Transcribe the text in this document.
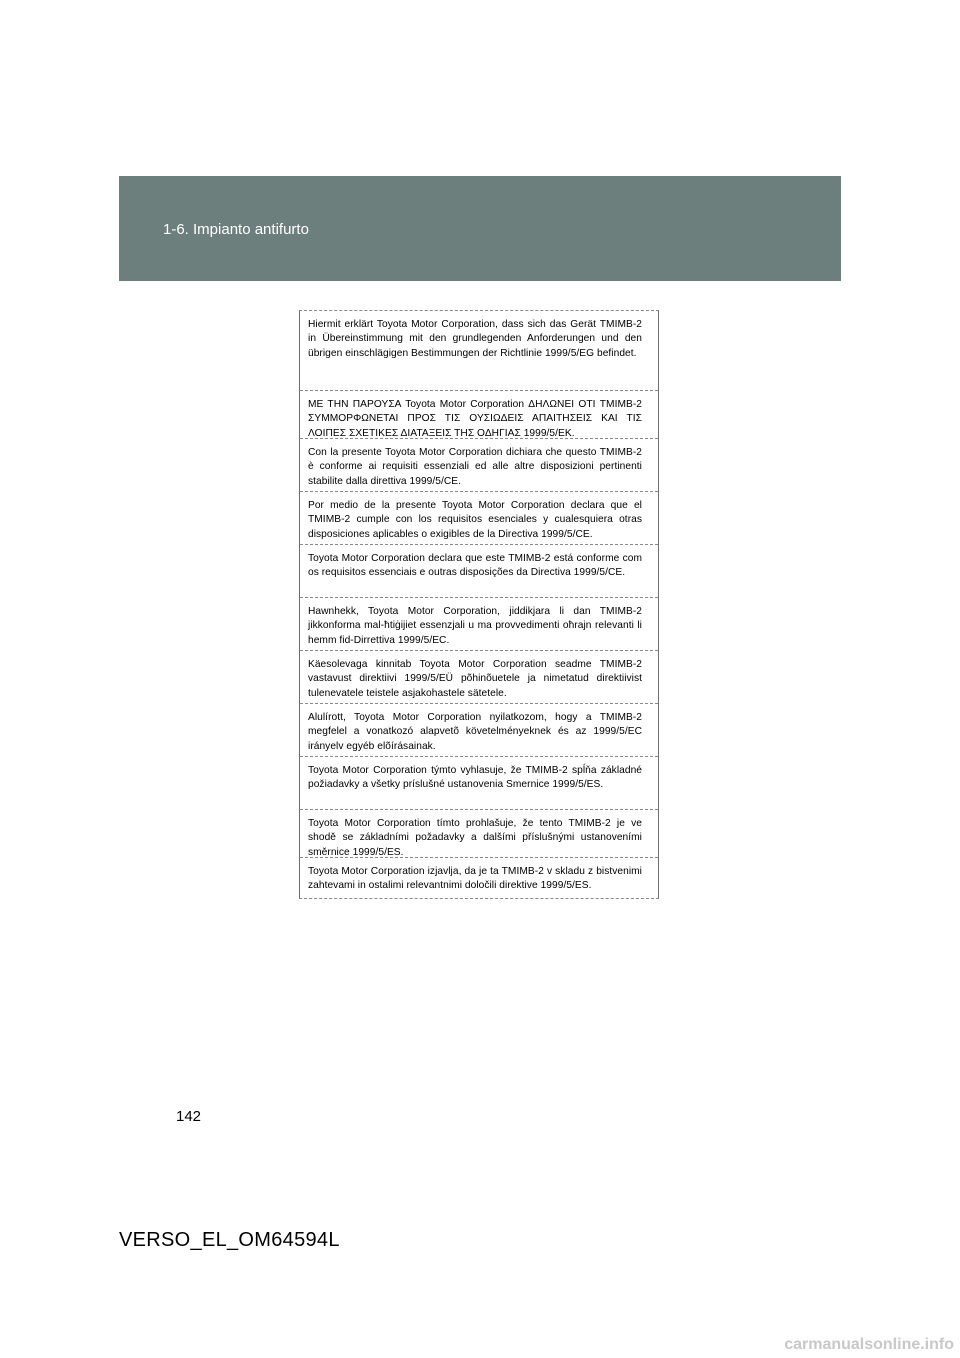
1-6. Impianto antifurto
Hiermit erklärt Toyota Motor Corporation, dass sich das Gerät TMIMB-2 in Übereinstimmung mit den grundlegenden Anforderungen und den übrigen einschlägigen Bestimmungen der Richtlinie 1999/5/EG befindet.
ΜΕ ΤΗΝ ΠΑΡΟΥΣΑ Toyota Motor Corporation ΔΗΛΩΝΕΙ ΟΤΙ TMIMB-2 ΣΥΜΜΟΡΦΩΝΕΤΑΙ ΠΡΟΣ ΤΙΣ ΟΥΣΙΩΔΕΙΣ ΑΠΑΙΤΗΣΕΙΣ ΚΑΙ ΤΙΣ ΛΟΙΠΕΣ ΣΧΕΤΙΚΕΣ ΔΙΑΤΑΞΕΙΣ ΤΗΣ ΟΔΗΓΙΑΣ 1999/5/ΕΚ.
Con la presente Toyota Motor Corporation dichiara che questo TMIMB-2 è conforme ai requisiti essenziali ed alle altre disposizioni pertinenti stabilite dalla direttiva 1999/5/CE.
Por medio de la presente Toyota Motor Corporation declara que el TMIMB-2 cumple con los requisitos esenciales y cualesquiera otras disposiciones aplicables o exigibles de la Directiva 1999/5/CE.
Toyota Motor Corporation declara que este TMIMB-2 está conforme com os requisitos essenciais e outras disposições da Directiva 1999/5/CE.
Hawnhekk, Toyota Motor Corporation, jiddikjara li dan TMIMB-2 jikkonforma mal-ħtiġijiet essenzjali u ma provvedimenti oħrajn relevanti li hemm fid-Dirrettiva 1999/5/EC.
Käesolevaga kinnitab Toyota Motor Corporation seadme TMIMB-2 vastavust direktiivi 1999/5/EÜ põhinõuetele ja nimetatud direktiivist tulenevatele teistele asjakohastele sätetele.
Alulírott, Toyota Motor Corporation nyilatkozom, hogy a TMIMB-2 megfelel a vonatkozó alapvetõ követelményeknek és az 1999/5/EC irányelv egyéb elõírásainak.
Toyota Motor Corporation týmto vyhlasuje, že TMIMB-2 spĺňa základné požiadavky a všetky príslušné ustanovenia Smernice 1999/5/ES.
Toyota Motor Corporation tímto prohlašuje, že tento TMIMB-2 je ve shodě se základními požadavky a dalšími příslušnými ustanoveními směrnice 1999/5/ES.
Toyota Motor Corporation izjavlja, da je ta TMIMB-2 v skladu z bistvenimi zahtevami in ostalimi relevantnimi določili direktive 1999/5/ES.
142
VERSO_EL_OM64594L
carmanualsonline.info
